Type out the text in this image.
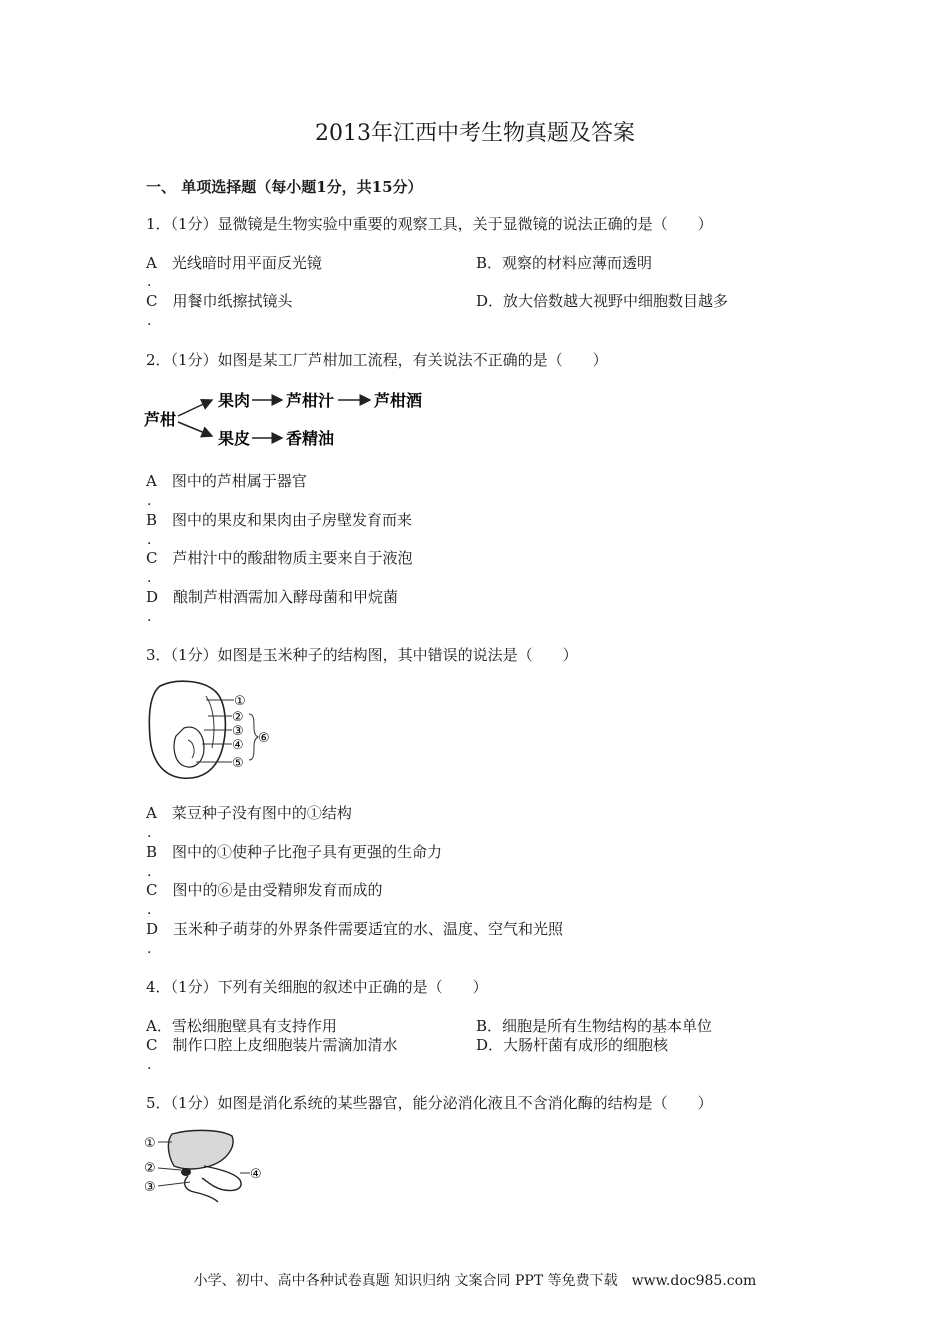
2013年江西中考生物真题及答案
一、 单项选择题（每小题1分，共15分）
1．（1分）显微镜是生物实验中重要的观察工具，关于显微镜的说法正确的是（　　）
A　光线暗时用平面反光镜
.
B．观察的材料应薄而透明
C　用餐巾纸擦拭镜头
.
D．放大倍数越大视野中细胞数目越多
2．（1分）如图是某工厂芦柑加工流程，有关说法不正确的是（　　）
芦柑
果肉 芦柑汁 芦柑酒
果皮 香精油
A　图中的芦柑属于器官
.
B　图中的果皮和果肉由子房壁发育而来
.
C　芦柑汁中的酸甜物质主要来自于液泡
.
D　酿制芦柑酒需加入酵母菌和甲烷菌
.
3．（1分）如图是玉米种子的结构图，其中错误的说法是（　　）
①
②
③
④
⑤
⑥
A　菜豆种子没有图中的①结构
.
B　图中的①使种子比孢子具有更强的生命力
.
C　图中的⑥是由受精卵发育而成的
.
D　玉米种子萌芽的外界条件需要适宜的水、温度、空气和光照
.
4．（1分）下列有关细胞的叙述中正确的是（　　）
A．雪松细胞壁具有支持作用	B．细胞是所有生物结构的基本单位
C　制作口腔上皮细胞装片需滴加清水
.
D．大肠杆菌有成形的细胞核
5．（1分）如图是消化系统的某些器官，能分泌消化液且不含消化酶的结构是（　　）
①
②
③
④
小学、初中、高中各种试卷真题 知识归纳 文案合同 PPT 等免费下载　www.doc985.com
